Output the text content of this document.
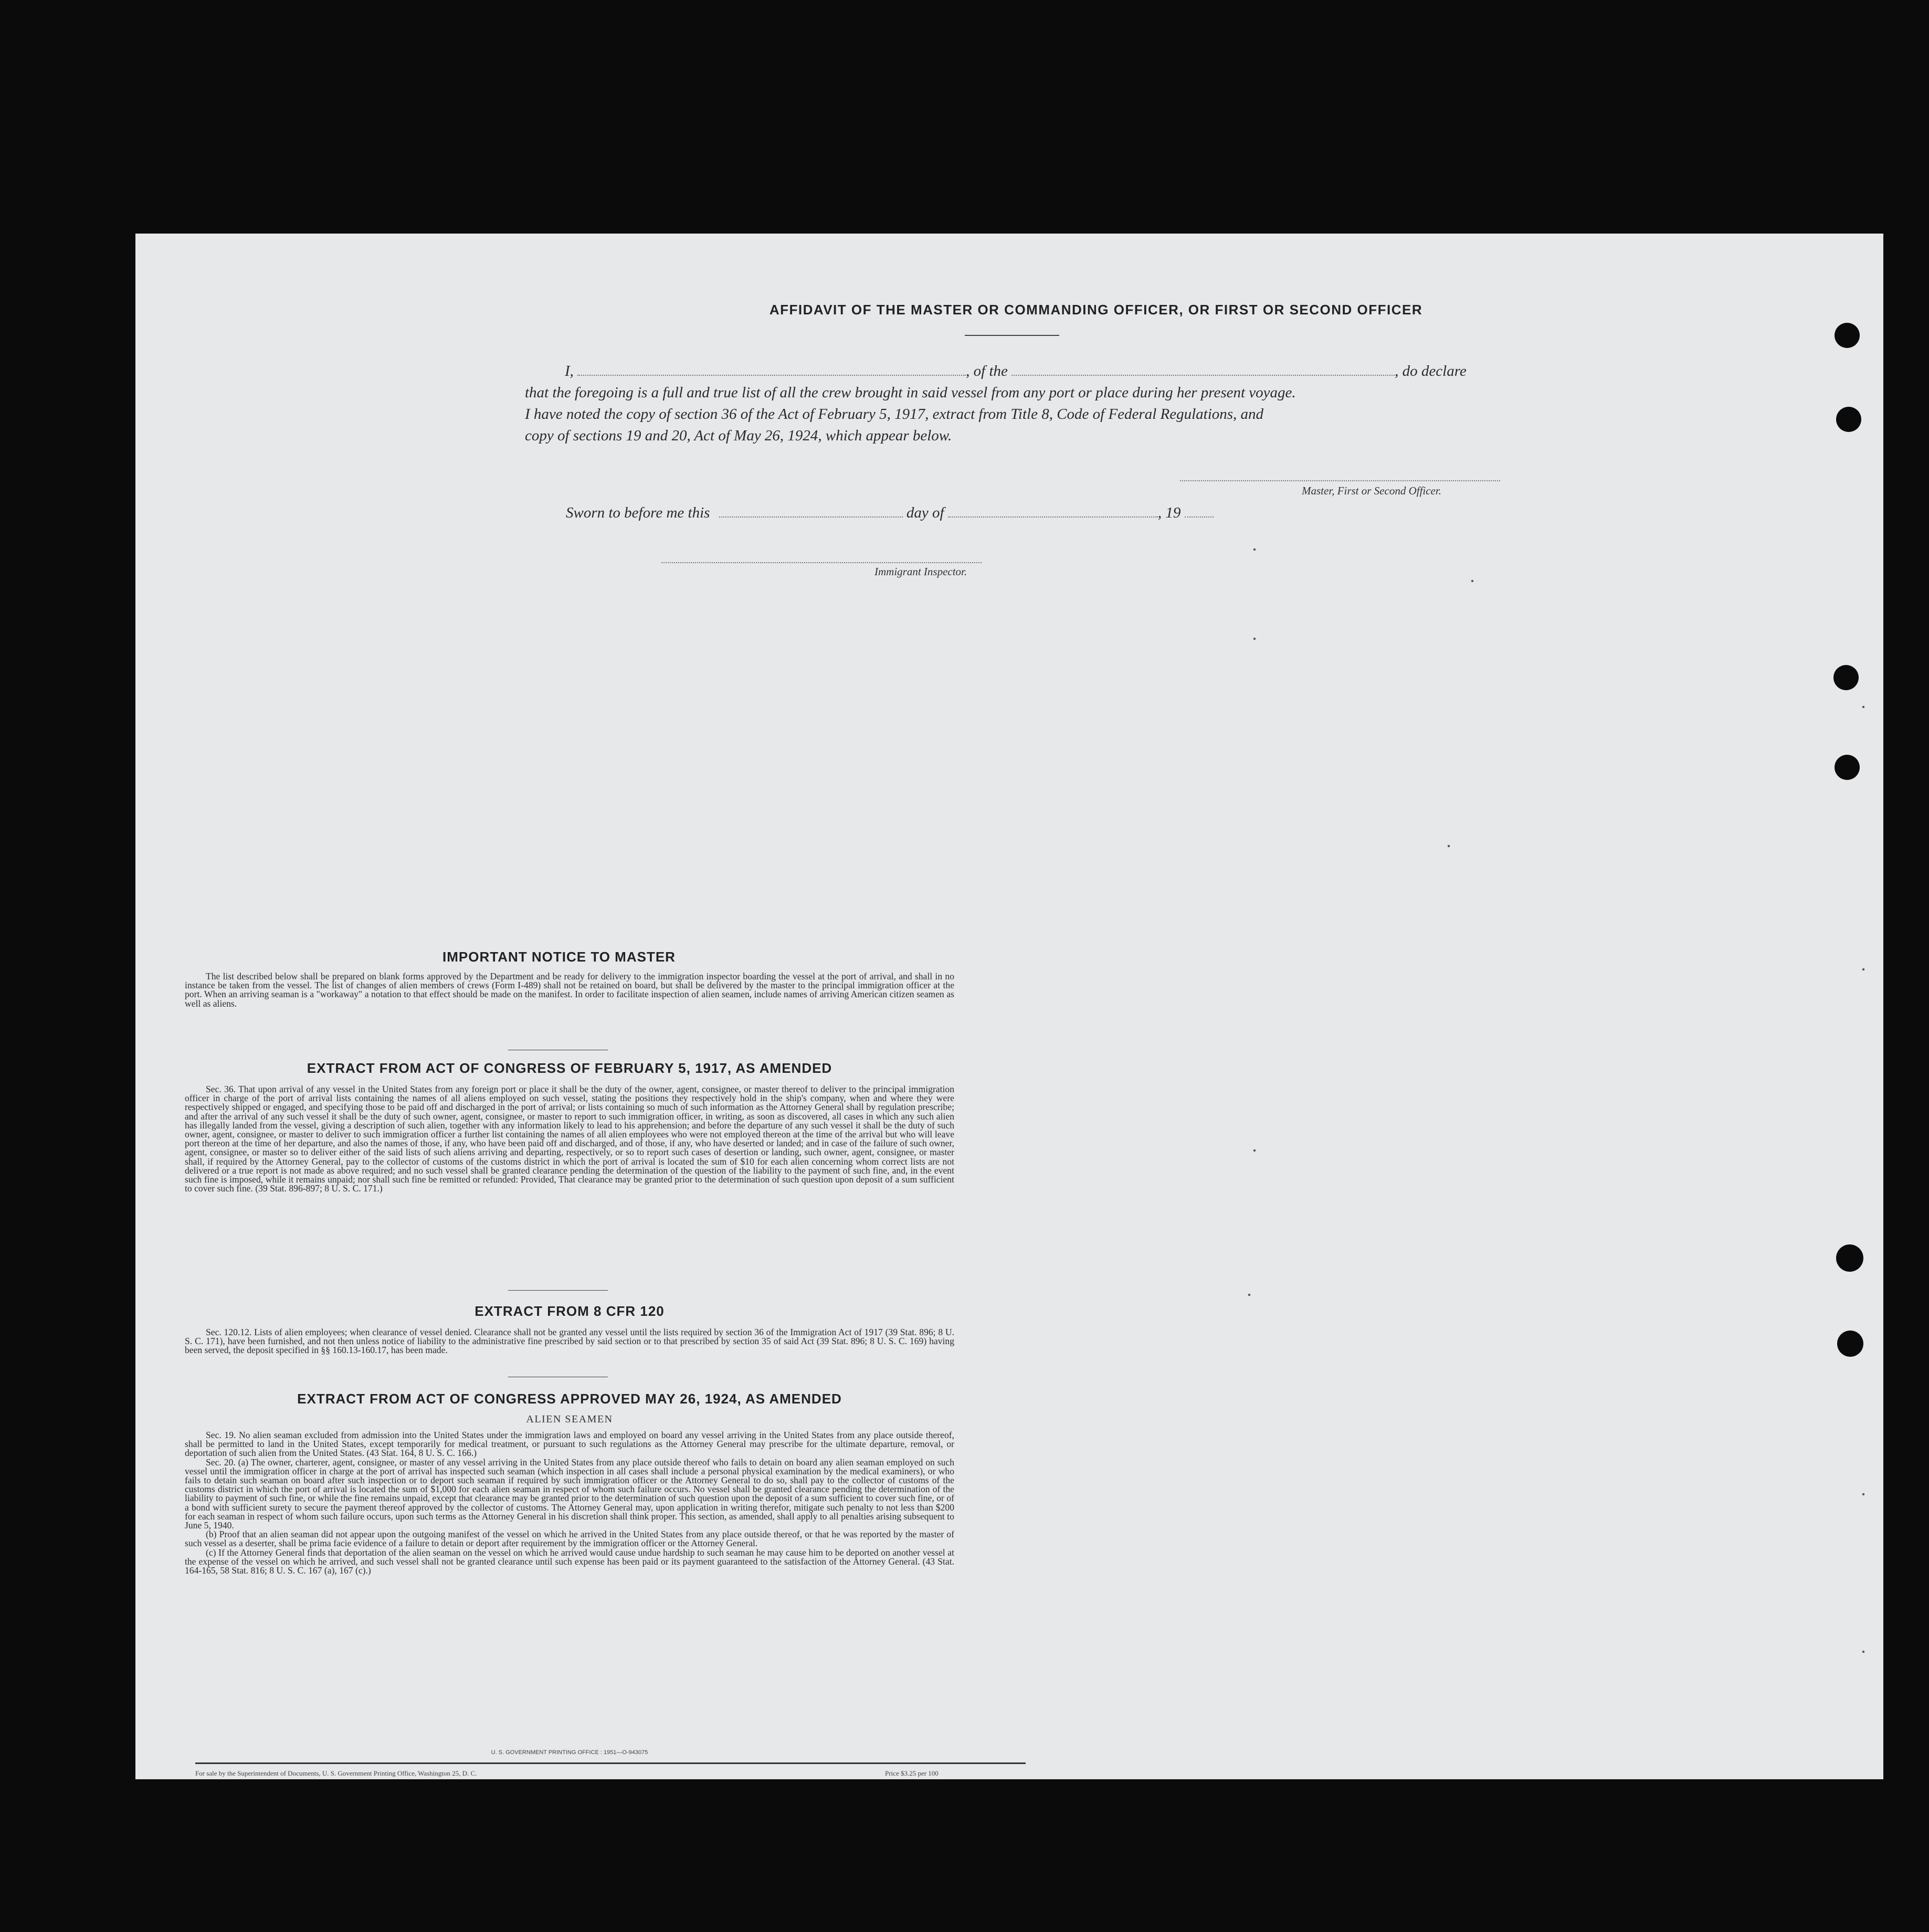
AFFIDAVIT OF THE MASTER OR COMMANDING OFFICER, OR FIRST OR SECOND OFFICER
I,	, of the	, do declare
that the foregoing is a full and true list of all the crew brought in said vessel from any port or place during her present voyage.
I have noted the copy of section 36 of the Act of February 5, 1917, extract from Title 8, Code of Federal Regulations, and
copy of sections 19 and 20, Act of May 26, 1924, which appear below.
Master, First or Second Officer.
Sworn to before me this	day of	, 19
Immigrant Inspector.
IMPORTANT NOTICE TO MASTER

The list described below shall be prepared on blank forms approved by the Department and be ready for delivery to the immigration inspector boarding the vessel at the port of arrival, and shall in no instance be taken from the vessel. The list of changes of alien members of crews (Form I-489) shall not be retained on board, but shall be delivered by the master to the principal immigration officer at the port. When an arriving seaman is a "workaway" a notation to that effect should be made on the manifest. In order to facilitate inspection of alien seamen, include names of arriving American citizen seamen as well as aliens.

EXTRACT FROM ACT OF CONGRESS OF FEBRUARY 5, 1917, AS AMENDED

Sec. 36. That upon arrival of any vessel in the United States from any foreign port or place it shall be the duty of the owner, agent, consignee, or master thereof to deliver to the principal immigration officer in charge of the port of arrival lists containing the names of all aliens employed on such vessel, stating the positions they respectively hold in the ship's company, when and where they were respectively shipped or engaged, and specifying those to be paid off and discharged in the port of arrival; or lists containing so much of such information as the Attorney General shall by regulation prescribe; and after the arrival of any such vessel it shall be the duty of such owner, agent, consignee, or master to report to such immigration officer, in writing, as soon as discovered, all cases in which any such alien has illegally landed from the vessel, giving a description of such alien, together with any information likely to lead to his apprehension; and before the departure of any such vessel it shall be the duty of such owner, agent, consignee, or master to deliver to such immigration officer a further list containing the names of all alien employees who were not employed thereon at the time of the arrival but who will leave port thereon at the time of her departure, and also the names of those, if any, who have been paid off and discharged, and of those, if any, who have deserted or landed; and in case of the failure of such owner, agent, consignee, or master so to deliver either of the said lists of such aliens arriving and departing, respectively, or so to report such cases of desertion or landing, such owner, agent, consignee, or master shall, if required by the Attorney General, pay to the collector of customs of the customs district in which the port of arrival is located the sum of $10 for each alien concerning whom correct lists are not delivered or a true report is not made as above required; and no such vessel shall be granted clearance pending the determination of the question of the liability to the payment of such fine, and, in the event such fine is imposed, while it remains unpaid; nor shall such fine be remitted or refunded: Provided, That clearance may be granted prior to the determination of such question upon deposit of a sum sufficient to cover such fine. (39 Stat. 896-897; 8 U. S. C. 171.)

EXTRACT FROM 8 CFR 120

Sec. 120.12. Lists of alien employees; when clearance of vessel denied. Clearance shall not be granted any vessel until the lists required by section 36 of the Immigration Act of 1917 (39 Stat. 896; 8 U. S. C. 171), have been furnished, and not then unless notice of liability to the administrative fine prescribed by said section or to that prescribed by section 35 of said Act (39 Stat. 896; 8 U. S. C. 169) having been served, the deposit specified in §§ 160.13-160.17, has been made.

EXTRACT FROM ACT OF CONGRESS APPROVED MAY 26, 1924, AS AMENDED
ALIEN SEAMEN

Sec. 19. No alien seaman excluded from admission into the United States under the immigration laws and employed on board any vessel arriving in the United States from any place outside thereof, shall be permitted to land in the United States, except temporarily for medical treatment, or pursuant to such regulations as the Attorney General may prescribe for the ultimate departure, removal, or deportation of such alien from the United States. (43 Stat. 164, 8 U. S. C. 166.)

Sec. 20. (a) The owner, charterer, agent, consignee, or master of any vessel arriving in the United States from any place outside thereof who fails to detain on board any alien seaman employed on such vessel until the immigration officer in charge at the port of arrival has inspected such seaman (which inspection in all cases shall include a personal physical examination by the medical examiners), or who fails to detain such seaman on board after such inspection or to deport such seaman if required by such immigration officer or the Attorney General to do so, shall pay to the collector of customs of the customs district in which the port of arrival is located the sum of $1,000 for each alien seaman in respect of whom such failure occurs. No vessel shall be granted clearance pending the determination of the liability to payment of such fine, or while the fine remains unpaid, except that clearance may be granted prior to the determination of such question upon the deposit of a sum sufficient to cover such fine, or of a bond with sufficient surety to secure the payment thereof approved by the collector of customs. The Attorney General may, upon application in writing therefor, mitigate such penalty to not less than $200 for each seaman in respect of whom such failure occurs, upon such terms as the Attorney General in his discretion shall think proper. This section, as amended, shall apply to all penalties arising subsequent to June 5, 1940.

(b) Proof that an alien seaman did not appear upon the outgoing manifest of the vessel on which he arrived in the United States from any place outside thereof, or that he was reported by the master of such vessel as a deserter, shall be prima facie evidence of a failure to detain or deport after requirement by the immigration officer or the Attorney General.

(c) If the Attorney General finds that deportation of the alien seaman on the vessel on which he arrived would cause undue hardship to such seaman he may cause him to be deported on another vessel at the expense of the vessel on which he arrived, and such vessel shall not be granted clearance until such expense has been paid or its payment guaranteed to the satisfaction of the Attorney General. (43 Stat. 164-165, 58 Stat. 816; 8 U. S. C. 167 (a), 167 (c).)

U. S. GOVERNMENT PRINTING OFFICE : 1951—O-943075
For sale by the Superintendent of Documents, U. S. Government Printing Office, Washington 25, D. C.	Price $3.25 per 100
